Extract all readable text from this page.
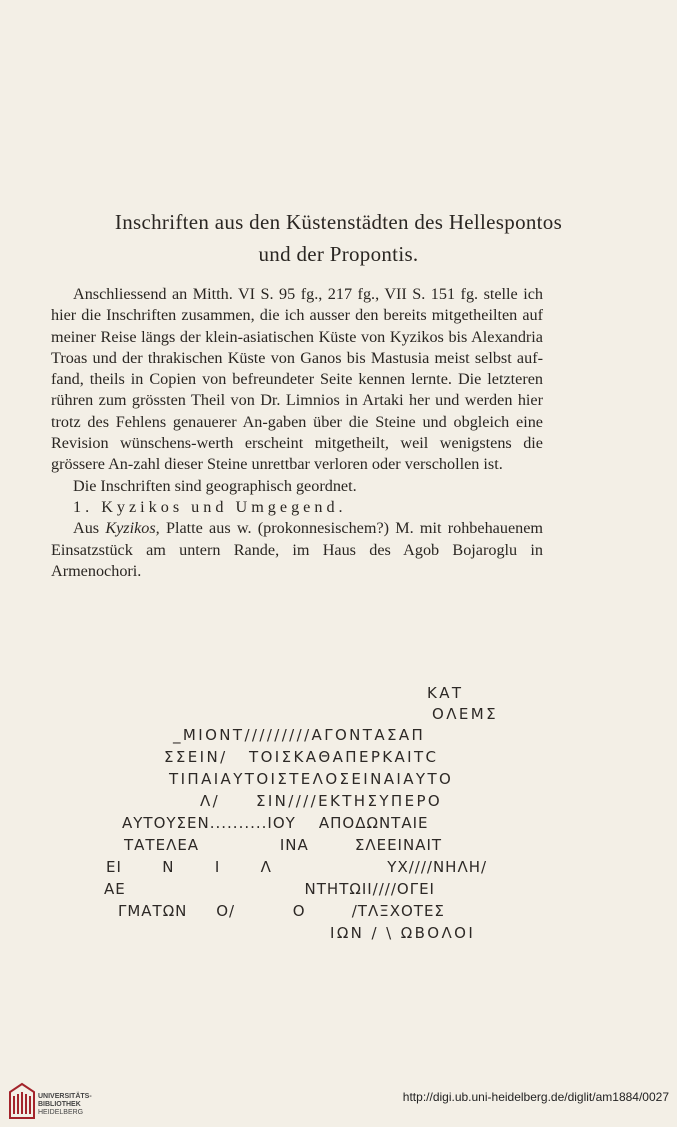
Inschriften aus den Küstenstädten des Hellespontos
und der Propontis.

Anschliessend an Mitth. VI S. 95 fg., 217 fg., VII S. 151 fg. stelle ich hier die Inschriften zusammen, die ich ausser den bereits mitgetheilten auf meiner Reise längs der klein-asiatischen Küste von Kyzikos bis Alexandria Troas und der thrakischen Küste von Ganos bis Mastusia meist selbst auf-fand, theils in Copien von befreundeter Seite kennen lernte. Die letzteren rühren zum grössten Theil von Dr. Limnios in Artaki her und werden hier trotz des Fehlens genauerer An-gaben über die Steine und obgleich eine Revision wünschens-werth erscheint mitgetheilt, weil wenigstens die grössere An-zahl dieser Steine unrettbar verloren oder verschollen ist.

Die Inschriften sind geographisch geordnet.

1. Kyzikos und Umgegend.

Aus Kyzikos, Platte aus w. (prokonnesischem?) M. mit rohbehauenem Einsatzstück am untern Rande, im Haus des Agob Bojaroglu in Armenochori.

ΚΑΤ
ΟΛΕΜΣ
_ΜΙΟΝΤ/////////ΑΓΟΝΤΑΣΑΠ
ΣΣΕΙΝ/   ΤΟΙΣΚΑΘΑΠΕΡΚΑΙΤC
ΤΙΠΑΙΑΥΤΟΙΣΤΕΛΟΣΕΙΝΑΙΑΥΤΟ
Λ/     ΣΙΝ////ΕΚΤΗΣΥΠΕΡΟ
ΑΥΤΟΥΣΕΝ..........ΙΟΥ    ΑΠΟΔΩΝΤΑΙΕ
ΤΑΤΕΛΕΑ              ΙΝΑ        ΣΛΕΕΙΝΑΙΤ
ΕΙ       Ν       Ι       Λ                    ΥΧ////ΝΗΛΗ/
ΑΕ                               ΝΤΗΤΩΙΙ////ΟΓΕΙ
ΓΜΑΤΩΝ     Ο/          Ο        /ΤΛΞΧΟΤΕΣ
ΙΩΝ / \ ΩΒΟΛΟΙ
UNIVERSITÄTS-
BIBLIOTHEK
HEIDELBERG
http://digi.ub.uni-heidelberg.de/diglit/am1884/0027
